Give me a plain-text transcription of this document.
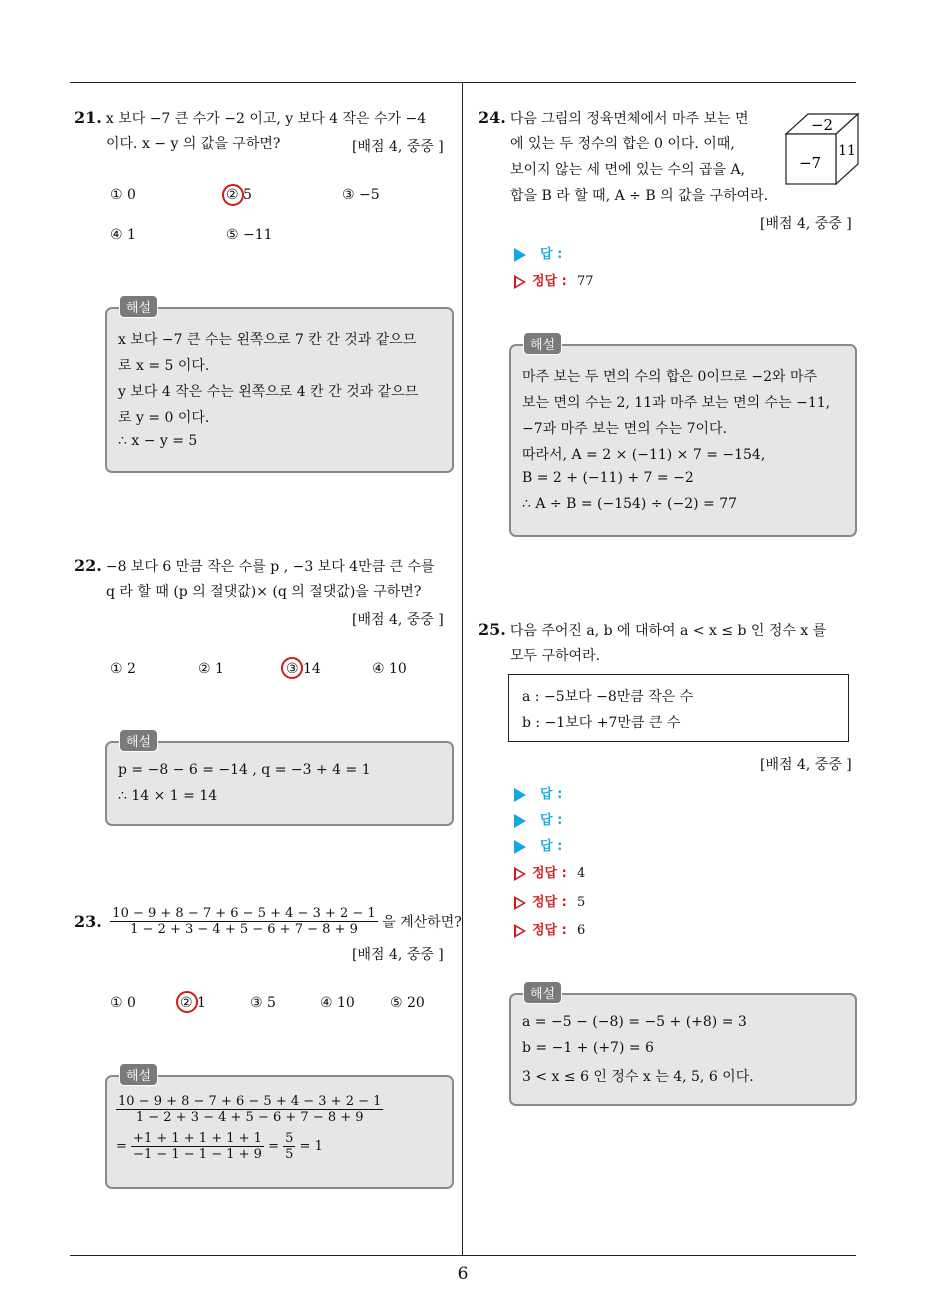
21. x 보다 −7 큰 수가 −2 이고, y 보다 4 작은 수가 −4
이다. x − y 의 값을 구하면?	[배점 4, 중중 ]
① 0	② 5	③ −5
④ 1	⑤ −11
해설
x 보다 −7 큰 수는 왼쪽으로 7 칸 간 것과 같으므
로 x = 5 이다.
y 보다 4 작은 수는 왼쪽으로 4 칸 간 것과 같으므
로 y = 0 이다.
∴ x − y = 5
22. −8 보다 6 만큼 작은 수를 p , −3 보다 4만큼 큰 수를
q 라 할 때 (p 의 절댓값)× (q 의 절댓값)을 구하면?
[배점 4, 중중 ]
① 2	② 1	③ 14	④ 10
해설
p = −8 − 6 = −14 , q = −3 + 4 = 1
∴ 14 × 1 = 14
23. $\frac{10 - 9 + 8 - 7 + 6 - 5 + 4 - 3 + 2 - 1}{1 - 2 + 3 - 4 + 5 - 6 + 7 - 8 + 9}$ 을 계산하면?
[배점 4, 중중 ]
① 0	② 1	③ 5	④ 10	⑤ 20
해설
$\frac{10 - 9 + 8 - 7 + 6 - 5 + 4 - 3 + 2 - 1}{1 - 2 + 3 - 4 + 5 - 6 + 7 - 8 + 9}$
= $\frac{+1 + 1 + 1 + 1 + 1}{-1 - 1 - 1 - 1 + 9} = \frac{5}{5} = 1$
24. 다음 그림의 정육면체에서 마주 보는 면
에 있는 두 정수의 합은 0 이다. 이때,
보이지 않는 세 면에 있는 수의 곱을 A,
합을 B 라 할 때, A ÷ B 의 값을 구하여라.
−2
−7
11
[배점 4, 중중 ]
답 :
정답 : 77
해설
마주 보는 두 면의 수의 합은 0이므로 −2와 마주
보는 면의 수는 2, 11과 마주 보는 면의 수는 −11,
−7과 마주 보는 면의 수는 7이다.
따라서, A = 2 × (−11) × 7 = −154,
B = 2 + (−11) + 7 = −2
∴ A ÷ B = (−154) ÷ (−2) = 77
25. 다음 주어진 a, b 에 대하여 a < x ≤ b 인 정수 x 를
모두 구하여라.
a : −5보다 −8만큼 작은 수
b : −1보다 +7만큼 큰 수
[배점 4, 중중 ]
답 :
답 :
답 :
정답 : 4
정답 : 5
정답 : 6
해설
a = −5 − (−8) = −5 + (+8) = 3
b = −1 + (+7) = 6
3 < x ≤ 6 인 정수 x 는 4, 5, 6 이다.
6
